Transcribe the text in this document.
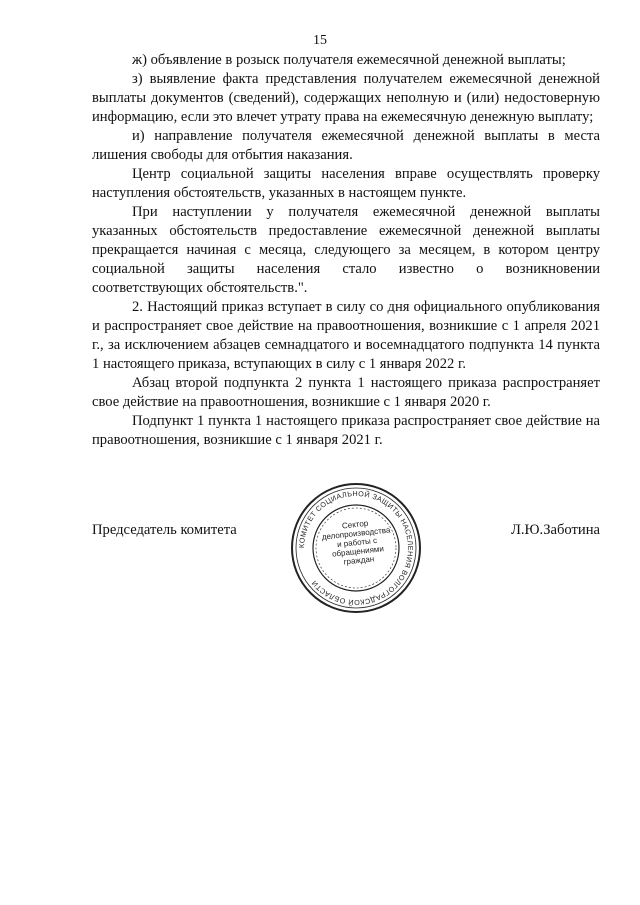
15

ж) объявление в розыск получателя ежемесячной денежной выплаты;

з) выявление факта представления получателем ежемесячной денежной выплаты документов (сведений), содержащих неполную и (или) недостоверную информацию, если это влечет утрату права на ежемесячную денежную выплату;

и) направление получателя ежемесячной денежной выплаты в места лишения свободы для отбытия наказания.

Центр социальной защиты населения вправе осуществлять проверку наступления обстоятельств, указанных в настоящем пункте.

При наступлении у получателя ежемесячной денежной выплаты указанных обстоятельств предоставление ежемесячной денежной выплаты прекращается начиная с месяца, следующего за месяцем, в котором центру социальной защиты населения стало известно о возникновении соответствующих обстоятельств.".

2. Настоящий приказ вступает в силу со дня официального опубликования и распространяет свое действие на правоотношения, возникшие с 1 апреля 2021 г., за исключением абзацев семнадцатого и восемнадцатого подпункта 14 пункта 1 настоящего приказа, вступающих в силу с 1 января 2022 г.

Абзац второй подпункта 2 пункта 1 настоящего приказа распространяет свое действие на правоотношения, возникшие с 1 января 2020 г.

Подпункт 1 пункта 1 настоящего приказа распространяет свое действие на правоотношения, возникшие с 1 января 2021 г.

Председатель комитета
КОМИТЕТ СОЦИАЛЬНОЙ ЗАЩИТЫ НАСЕЛЕНИЯ ВОЛГОГРАДСКОЙ ОБЛАСТИ
Сектор делопроизводства и работы с обращениями граждан
Л.Ю.Заботина
